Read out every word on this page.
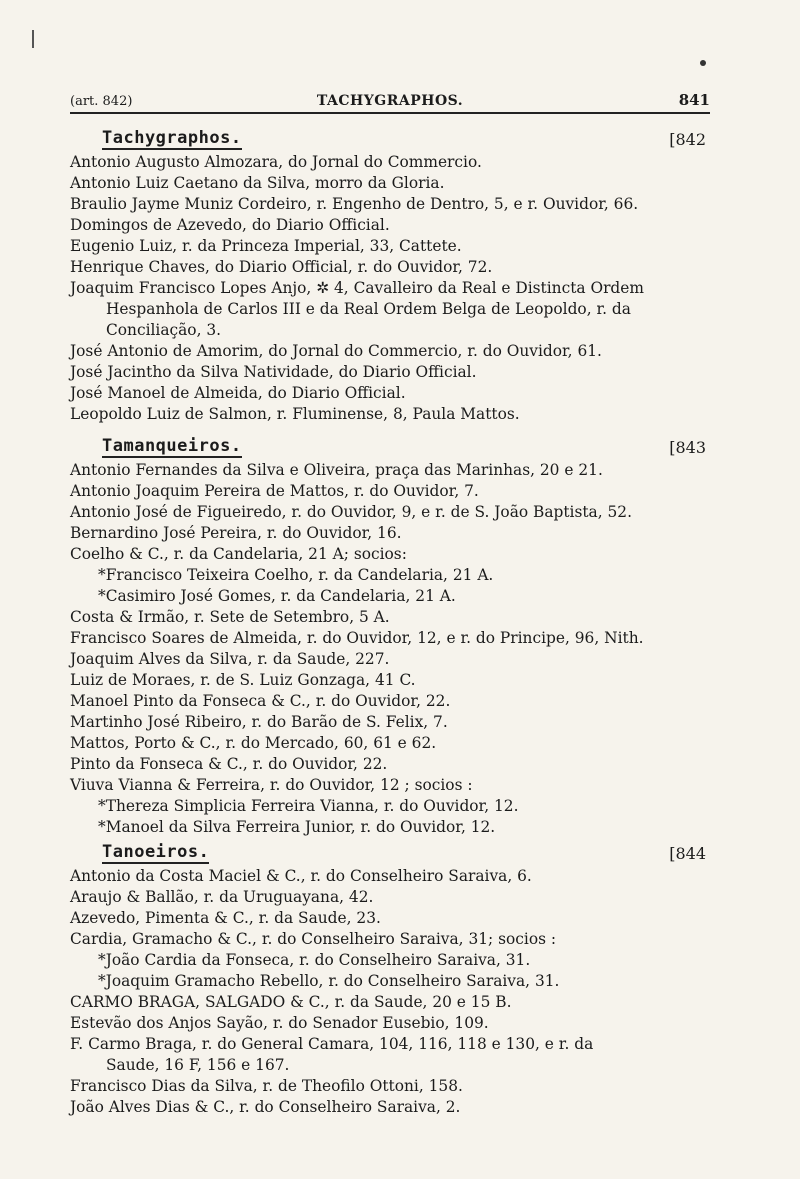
(art. 842)	TACHYGRAPHOS.	841
Tachygraphos.	[842

Antonio Augusto Almozara, do Jornal do Commercio.

Antonio Luiz Caetano da Silva, morro da Gloria.

Braulio Jayme Muniz Cordeiro, r. Engenho de Dentro, 5, e r. Ouvidor, 66.

Domingos de Azevedo, do Diario Official.

Eugenio Luiz, r. da Princeza Imperial, 33, Cattete.

Henrique Chaves, do Diario Official, r. do Ouvidor, 72.

Joaquim Francisco Lopes Anjo, ✲ 4, Cavalleiro da Real e Distincta Ordem

Hespanhola de Carlos III e da Real Ordem Belga de Leopoldo, r. da

Conciliação, 3.

José Antonio de Amorim, do Jornal do Commercio, r. do Ouvidor, 61.

José Jacintho da Silva Natividade, do Diario Official.

José Manoel de Almeida, do Diario Official.

Leopoldo Luiz de Salmon, r. Fluminense, 8, Paula Mattos.

Tamanqueiros.	[843

Antonio Fernandes da Silva e Oliveira, praça das Marinhas, 20 e 21.

Antonio Joaquim Pereira de Mattos, r. do Ouvidor, 7.

Antonio José de Figueiredo, r. do Ouvidor, 9, e r. de S. João Baptista, 52.

Bernardino José Pereira, r. do Ouvidor, 16.

Coelho & C., r. da Candelaria, 21 A; socios:

*Francisco Teixeira Coelho, r. da Candelaria, 21 A.

*Casimiro José Gomes, r. da Candelaria, 21 A.

Costa & Irmão, r. Sete de Setembro, 5 A.

Francisco Soares de Almeida, r. do Ouvidor, 12, e r. do Principe, 96, Nith.

Joaquim Alves da Silva, r. da Saude, 227.

Luiz de Moraes, r. de S. Luiz Gonzaga, 41 C.

Manoel Pinto da Fonseca & C., r. do Ouvidor, 22.

Martinho José Ribeiro, r. do Barão de S. Felix, 7.

Mattos, Porto & C., r. do Mercado, 60, 61 e 62.

Pinto da Fonseca & C., r. do Ouvidor, 22.

Viuva Vianna & Ferreira, r. do Ouvidor, 12 ; socios :

*Thereza Simplicia Ferreira Vianna, r. do Ouvidor, 12.

*Manoel da Silva Ferreira Junior, r. do Ouvidor, 12.

Tanoeiros.	[844

Antonio da Costa Maciel & C., r. do Conselheiro Saraiva, 6.

Araujo & Ballão, r. da Uruguayana, 42.

Azevedo, Pimenta & C., r. da Saude, 23.

Cardia, Gramacho & C., r. do Conselheiro Saraiva, 31; socios :

*João Cardia da Fonseca, r. do Conselheiro Saraiva, 31.

*Joaquim Gramacho Rebello, r. do Conselheiro Saraiva, 31.

CARMO BRAGA, SALGADO & C., r. da Saude, 20 e 15 B.

Estevão dos Anjos Sayão, r. do Senador Eusebio, 109.

F. Carmo Braga, r. do General Camara, 104, 116, 118 e 130, e r. da

Saude, 16 F, 156 e 167.

Francisco Dias da Silva, r. de Theofilo Ottoni, 158.

João Alves Dias & C., r. do Conselheiro Saraiva, 2.
